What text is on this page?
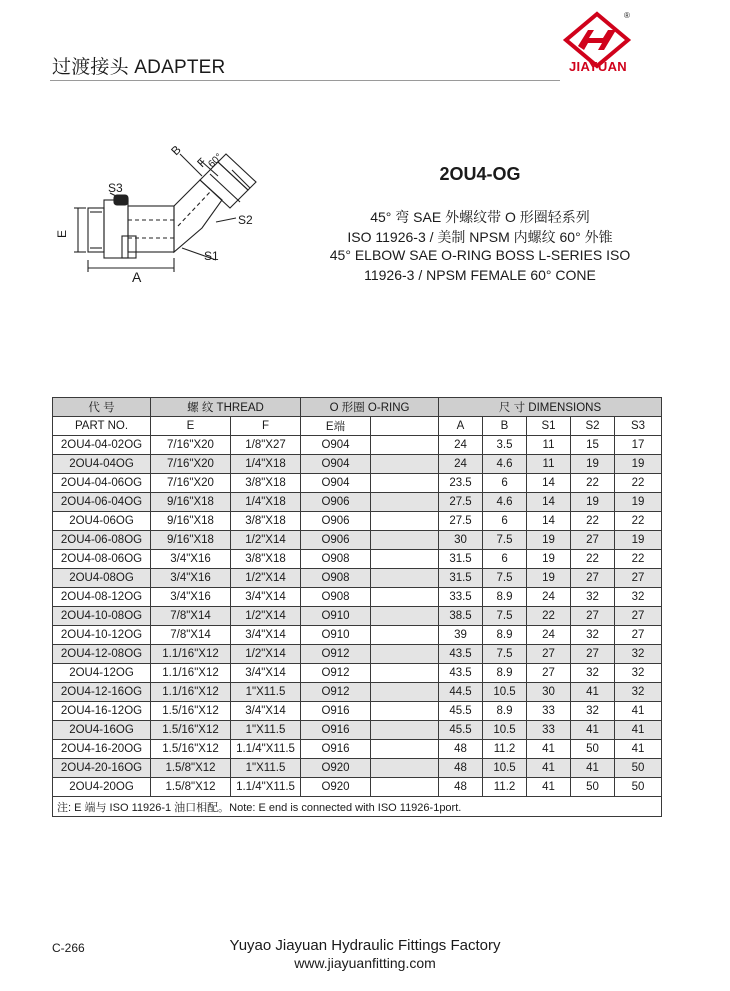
过渡接头 ADAPTER
®
JIAYUAN
B
F
60°
S3
E
S2
S1
A
2OU4-OG
45° 弯 SAE 外螺纹带 O 形圈轻系列
ISO 11926-3 / 美制 NPSM 内螺纹 60° 外锥
45° ELBOW SAE O-RING BOSS L-SERIES ISO
11926-3 / NPSM FEMALE 60° CONE
代 号	螺 纹 THREAD		O 形圈 O-RING		尺 寸 DIMENSIONS				
PART NO.	E	F	E端		A	B	S1	S2	S3
2OU4-04-02OG	7/16"X20	1/8"X27	O904		24	3.5	11	15	17
2OU4-04OG	7/16"X20	1/4"X18	O904		24	4.6	11	19	19
2OU4-04-06OG	7/16"X20	3/8"X18	O904		23.5	6	14	22	22
2OU4-06-04OG	9/16"X18	1/4"X18	O906		27.5	4.6	14	19	19
2OU4-06OG	9/16"X18	3/8"X18	O906		27.5	6	14	22	22
2OU4-06-08OG	9/16"X18	1/2"X14	O906		30	7.5	19	27	19
2OU4-08-06OG	3/4"X16	3/8"X18	O908		31.5	6	19	22	22
2OU4-08OG	3/4"X16	1/2"X14	O908		31.5	7.5	19	27	27
2OU4-08-12OG	3/4"X16	3/4"X14	O908		33.5	8.9	24	32	32
2OU4-10-08OG	7/8"X14	1/2"X14	O910		38.5	7.5	22	27	27
2OU4-10-12OG	7/8"X14	3/4"X14	O910		39	8.9	24	32	27
2OU4-12-08OG	1.1/16"X12	1/2"X14	O912		43.5	7.5	27	27	32
2OU4-12OG	1.1/16"X12	3/4"X14	O912		43.5	8.9	27	32	32
2OU4-12-16OG	1.1/16"X12	1"X11.5	O912		44.5	10.5	30	41	32
2OU4-16-12OG	1.5/16"X12	3/4"X14	O916		45.5	8.9	33	32	41
2OU4-16OG	1.5/16"X12	1"X11.5	O916		45.5	10.5	33	41	41
2OU4-16-20OG	1.5/16"X12	1.1/4"X11.5	O916		48	11.2	41	50	41
2OU4-20-16OG	1.5/8"X12	1"X11.5	O920		48	10.5	41	41	50
2OU4-20OG	1.5/8"X12	1.1/4"X11.5	O920		48	11.2	41	50	50
注: E 端与 ISO 11926-1 油口相配。Note: E end is connected with ISO 11926-1port.									
C-266	Yuyao Jiayuan Hydraulic Fittings Factory
www.jiayuanfitting.com
